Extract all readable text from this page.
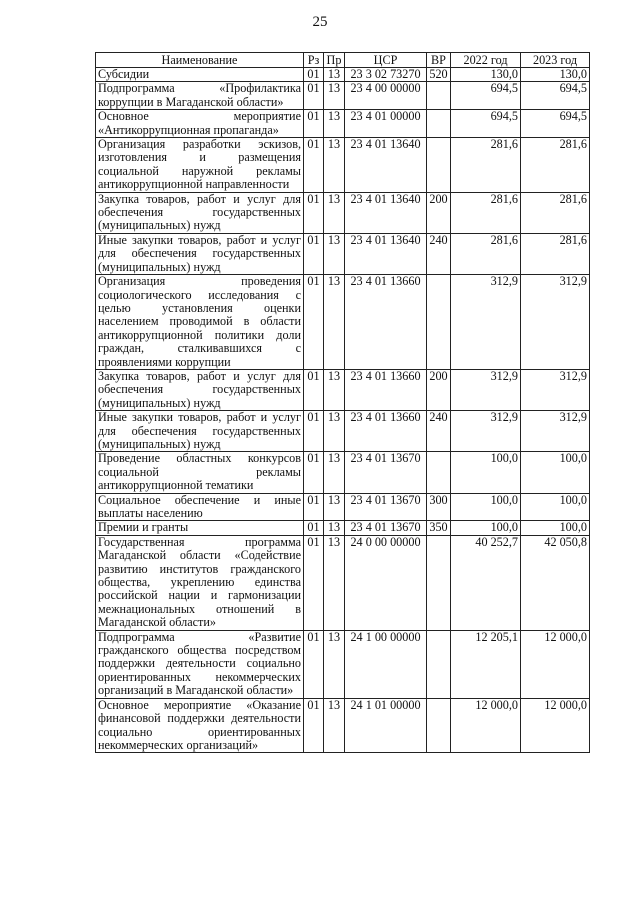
25
Наименование	Рз	Пр	ЦСР	ВР	2022 год	2023 год
Субсидии	01	13	23 3 02 73270	520	130,0	130,0
Подпрограмма «Профилактика коррупции в Магаданской области»	01	13	23 4 00 00000		694,5	694,5
Основное мероприятие «Антикоррупционная пропаганда»	01	13	23 4 01 00000		694,5	694,5
Организация разработки эскизов, изготовления и размещения социальной наружной рекламы антикоррупционной направленности	01	13	23 4 01 13640		281,6	281,6
Закупка товаров, работ и услуг для обеспечения государственных (муниципальных) нужд	01	13	23 4 01 13640	200	281,6	281,6
Иные закупки товаров, работ и услуг для обеспечения государственных (муниципальных) нужд	01	13	23 4 01 13640	240	281,6	281,6
Организация проведения социологического исследования с целью установления оценки населением проводимой в области антикоррупционной политики доли граждан, сталкивавшихся с проявлениями коррупции	01	13	23 4 01 13660		312,9	312,9
Закупка товаров, работ и услуг для обеспечения государственных (муниципальных) нужд	01	13	23 4 01 13660	200	312,9	312,9
Иные закупки товаров, работ и услуг для обеспечения государственных (муниципальных) нужд	01	13	23 4 01 13660	240	312,9	312,9
Проведение областных конкурсов социальной рекламы антикоррупционной тематики	01	13	23 4 01 13670		100,0	100,0
Социальное обеспечение и иные выплаты населению	01	13	23 4 01 13670	300	100,0	100,0
Премии и гранты	01	13	23 4 01 13670	350	100,0	100,0
Государственная программа Магаданской области «Содействие развитию институтов гражданского общества, укреплению единства российской нации и гармонизации межнациональных отношений в Магаданской области»	01	13	24 0 00 00000		40 252,7	42 050,8
Подпрограмма «Развитие гражданского общества посредством поддержки деятельности социально ориентированных некоммерческих организаций в Магаданской области»	01	13	24 1 00 00000		12 205,1	12 000,0
Основное мероприятие «Оказание финансовой поддержки деятельности социально ориентированных некоммерческих организаций»	01	13	24 1 01 00000		12 000,0	12 000,0
